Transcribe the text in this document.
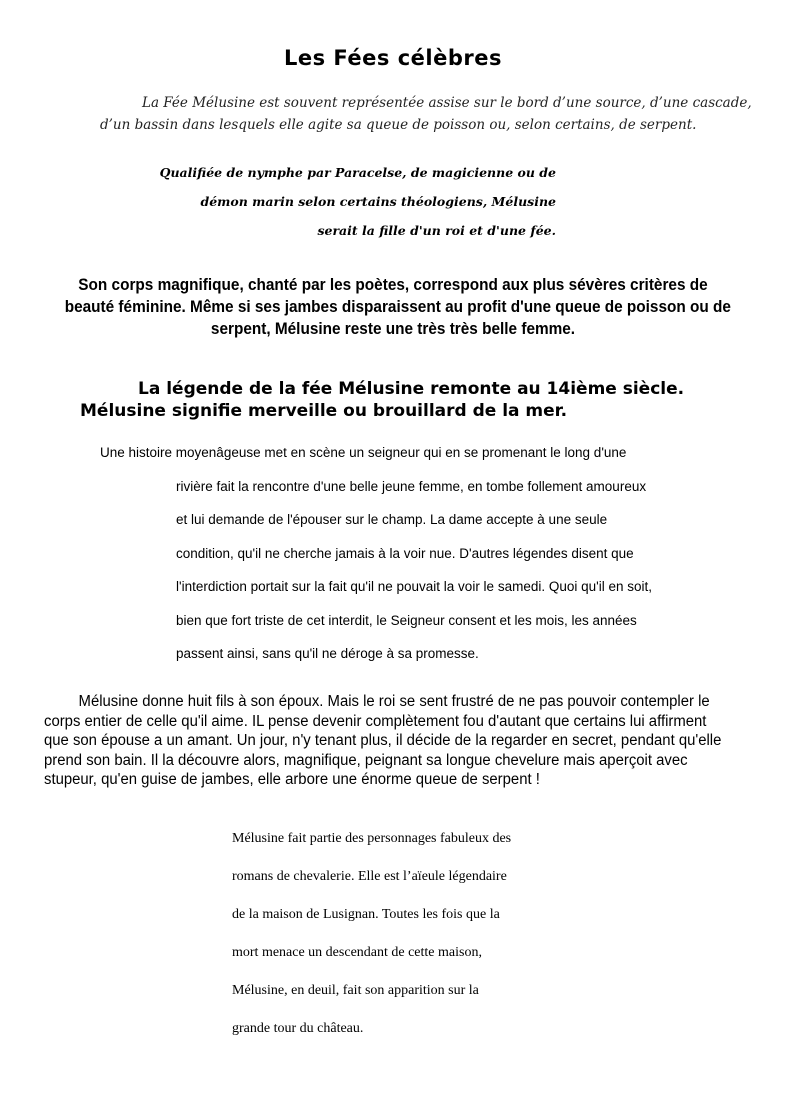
Les Fées célèbres
La Fée Mélusine est souvent représentée assise sur le bord d’une source, d’une cascade,
d’un bassin dans lesquels elle agite sa queue de poisson ou, selon certains, de serpent.
Qualifiée de nymphe par Paracelse, de magicienne ou de
démon marin selon certains théologiens, Mélusine
serait la fille d'un roi et d'une fée.
Son corps magnifique, chanté par les poètes, correspond aux plus sévères critères de
beauté féminine. Même si ses jambes disparaissent au profit d'une queue de poisson ou de
serpent, Mélusine reste une très très belle femme.
La légende de la fée Mélusine remonte au 14ième siècle.
Mélusine signifie merveille ou brouillard de la mer.
Une histoire moyenâgeuse met en scène un seigneur qui en se promenant le long d'une
rivière fait la rencontre d'une belle jeune femme, en tombe follement amoureux
et lui demande de l'épouser sur le champ. La dame accepte à une seule
condition, qu'il ne cherche jamais à la voir nue. D'autres légendes disent que
l'interdiction portait sur la fait qu'il ne pouvait la voir le samedi. Quoi qu'il en soit,
bien que fort triste de cet interdit, le Seigneur consent et les mois, les années
passent ainsi, sans qu'il ne déroge à sa promesse.
Mélusine donne huit fils à son époux. Mais le roi se sent frustré de ne pas pouvoir contempler le
corps entier de celle qu'il aime. IL pense devenir complètement fou d'autant que certains lui affirment
que son épouse a un amant. Un jour, n'y tenant plus, il décide de la regarder en secret, pendant qu'elle
prend son bain. Il la découvre alors, magnifique, peignant sa longue chevelure mais aperçoit avec
stupeur, qu'en guise de jambes, elle arbore une énorme queue de serpent !
Mélusine fait partie des personnages fabuleux des
romans de chevalerie. Elle est l’aïeule légendaire
de la maison de Lusignan. Toutes les fois que la
mort menace un descendant de cette maison,
Mélusine, en deuil, fait son apparition sur la
grande tour du château.
